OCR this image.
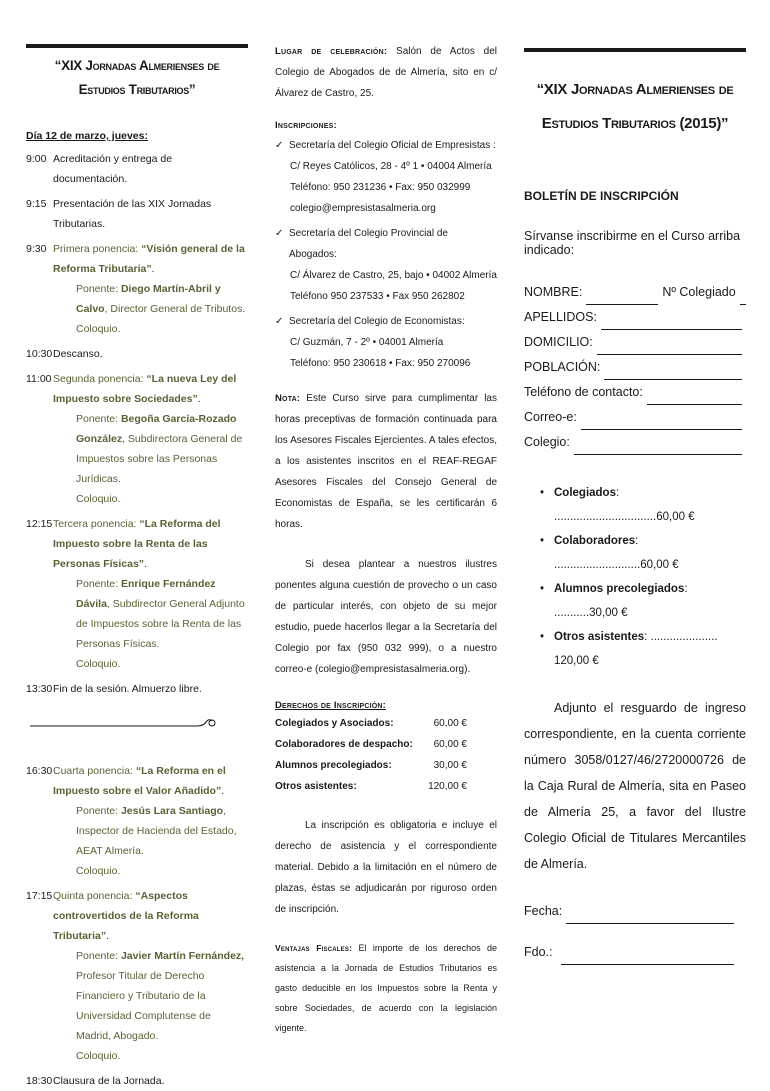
“XIX Jornadas Almerienses de
Estudios Tributarios”
Día 12 de marzo, jueves:
9:00 Acreditación y entrega de documentación.
9:15 Presentación de las XIX Jornadas Tributarias.
9:30 Primera ponencia: “Visión general de la Reforma Tributaria”.
Ponente: Diego Martín-Abril y Calvo, Director General de Tributos.
Coloquio.
10:30 Descanso.
11:00 Segunda ponencia: “La nueva Ley del Impuesto sobre Sociedades”.
Ponente: Begoña García-Rozado González, Subdirectora General de Impuestos sobre las Personas Jurídicas.
Coloquio.
12:15 Tercera ponencia: “La Reforma del Impuesto sobre la Renta de las Personas Físicas”.
Ponente: Enrique Fernández Dávila, Subdirector General Adjunto de Impuestos sobre la Renta de las Personas Físicas.
Coloquio.
13:30 Fin de la sesión. Almuerzo libre.
16:30 Cuarta ponencia: “La Reforma en el Impuesto sobre el Valor Añadido”.
Ponente: Jesús Lara Santiago, Inspector de Hacienda del Estado, AEAT Almería.
Coloquio.
17:15 Quinta ponencia: “Aspectos controvertidos de la Reforma Tributaria”.
Ponente: Javier Martín Fernández, Profesor Titular de Derecho Financiero y Tributario de la Universidad Complutense de Madrid, Abogado.
Coloquio.
18:30 Clausura de la Jornada.
Lugar de celebración: Salón de Actos del Colegio de Abogados de de Almería, sito en c/Álvarez de Castro, 25.
Inscripciones:
✓ Secretaría del Colegio Oficial de Empresistas :
C/ Reyes Católicos, 28 - 4º 1 • 04004 Almería
Teléfono: 950 231236 • Fax: 950 032999
colegio@empresistasalmeria.org
✓ Secretaría del Colegio Provincial de Abogados:
C/ Álvarez de Castro, 25, bajo • 04002 Almería
Teléfono 950 237533 • Fax 950 262802
✓ Secretaría del Colegio de Economistas:
C/ Guzmán, 7 - 2º • 04001 Almería
Teléfono: 950 230618 • Fax: 950 270096
Nota: Este Curso sirve para cumplimentar las horas preceptivas de formación continuada para los Asesores Fiscales Ejercientes. A tales efectos, a los asistentes inscritos en el REAF-REGAF Asesores Fiscales del Consejo General de Economistas de España, se les certificarán 6 horas.
Si desea plantear a nuestros ilustres ponentes alguna cuestión de provecho o un caso de particular interés, con objeto de su mejor estudio, puede hacerlos llegar a la Secretaría del Colegio por fax (950 032 999), o a nuestro correo-e (colegio@empresistasalmeria.org).
Derechos de Inscripción:
Colegiados y Asociados:	60,00 €
Colaboradores de despacho: 60,00 €
Alumnos precolegiados:	30,00 €
Otros asistentes:	120,00 €
La inscripción es obligatoria e incluye el derecho de asistencia y el correspondiente material. Debido a la limitación en el número de plazas, éstas se adjudicarán por riguroso orden de inscripción.
Ventajas Fiscales: El importe de los derechos de asistencia a la Jornada de Estudios Tributarios es gasto deducible en los Impuestos sobre la Renta y sobre Sociedades, de acuerdo con la legislación vigente.
“XIX Jornadas Almerienses de
Estudios Tributarios (2015)”
BOLETÍN DE INSCRIPCIÓN
Sírvanse inscribirme en el Curso arriba indicado:
NOMBRE:	Nº Colegiado
APELLIDOS:
DOMICILIO:
POBLACIÓN:
Teléfono de contacto:
Correo-e:
Colegio:
• Colegiados: ................................60,00 €
• Colaboradores: ...........................60,00 €
• Alumnos precolegiados: ...........30,00 €
• Otros asistentes: ..................... 120,00 €
Adjunto el resguardo de ingreso correspondiente, en la cuenta corriente número 3058/0127/46/2720000726 de la Caja Rural de Almería, sita en Paseo de Almería 25, a favor del Ilustre Colegio Oficial de Titulares Mercantiles de Almería.
Fecha:
Fdo.:
